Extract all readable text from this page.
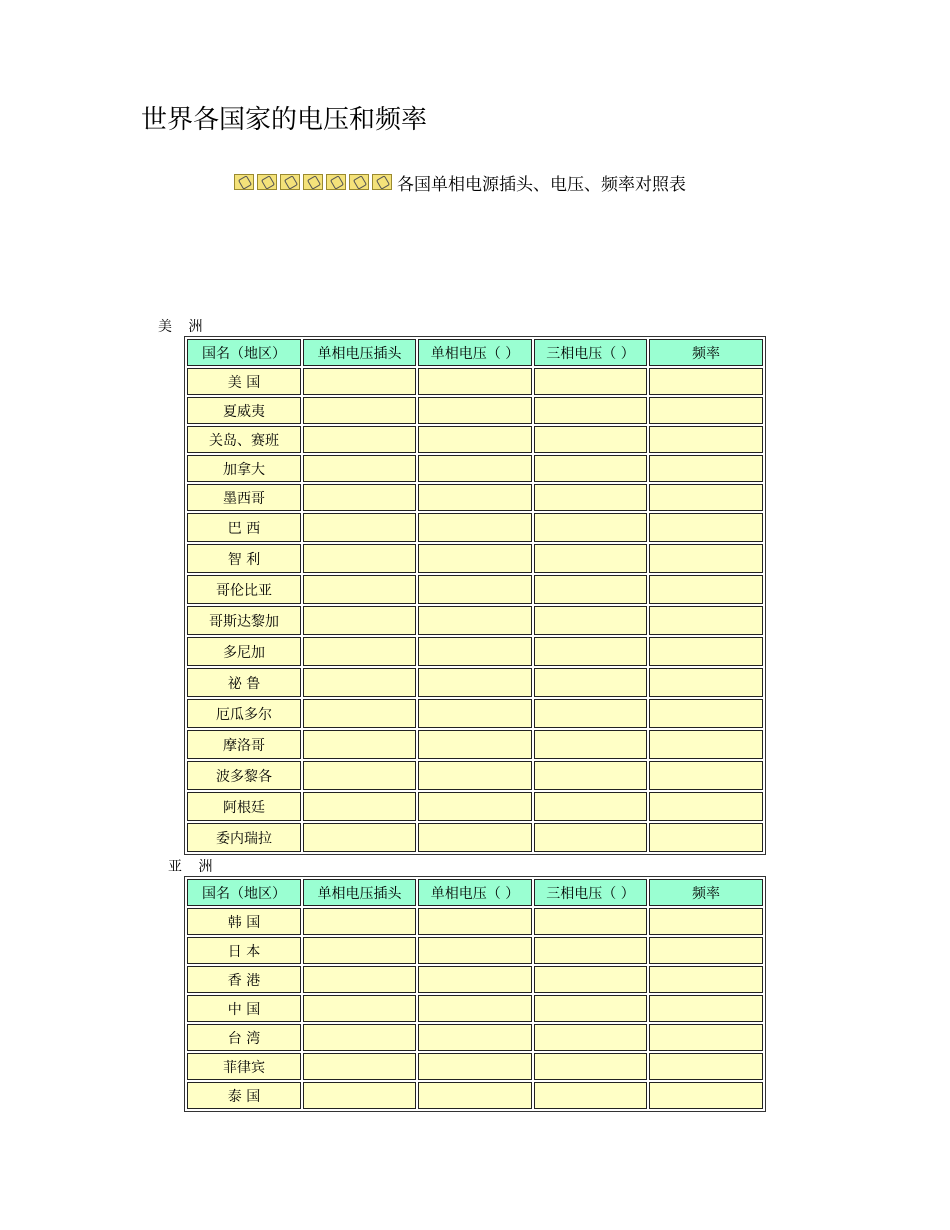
世界各国家的电压和频率
各国单相电源插头、电压、频率对照表
美 洲
国名（地区）	单相电压插头	单相电压（ ）	三相电压（ ）	频率
美 国				
夏威夷				
关岛、赛班				
加拿大				
墨西哥				
巴 西				
智 利				
哥伦比亚				
哥斯达黎加				
多尼加				
祕 鲁				
厄瓜多尔				
摩洛哥				
波多黎各				
阿根廷				
委内瑞拉				
亚 洲
国名（地区）	单相电压插头	单相电压（ ）	三相电压（ ）	频率
韩 国				
日 本				
香 港				
中 国				
台 湾				
菲律宾				
泰 国				
